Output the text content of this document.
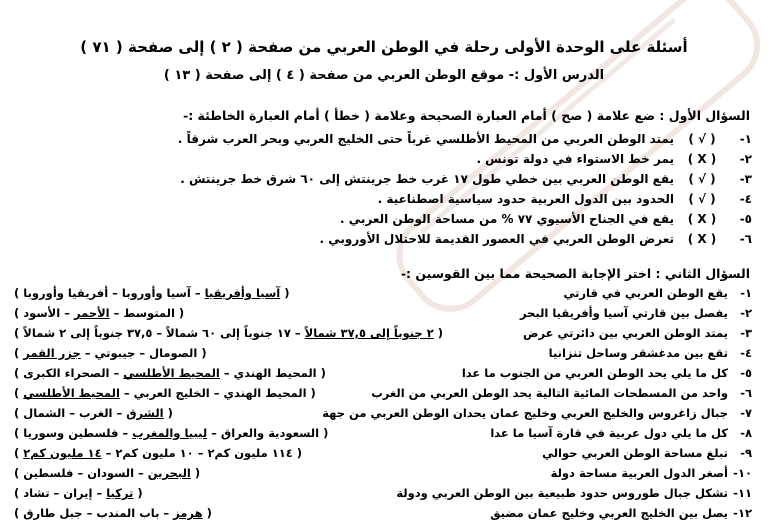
أسئلة على الوحدة الأولى رحلة في الوطن العربي من صفحة ( ٢ ) إلى صفحة ( ٧١ )
الدرس الأول :- موقع الوطن العربي من صفحة ( ٤ ) إلى صفحة ( ١٣ )
السؤال الأول : ضع علامة ( صح ) أمام العبارة الصحيحة وعلامة ( خطأ ) أمام العبارة الخاطئة :-
١-
( √ )
يمتد الوطن العربي من المحيط الأطلسي غرباً حتى الخليج العربي وبحر العرب شرقاً .
٢-
( X )
يمر خط الاستواء في دولة تونس .
٣-
( √ )
يقع الوطن العربي بين خطي طول ١٧ غرب خط جرينتش إلى ٦٠ شرق خط جرينتش .
٤-
( √ )
الحدود بين الدول العربية حدود سياسية اصطناعية .
٥-
( X )
يقع في الجناح الأسيوي ٧٧ % من مساحة الوطن العربي .
٦-
( X )
تعرض الوطن العربي في العصور القديمة للاحتلال الأوروبي .
السؤال الثاني : اختر الإجابة الصحيحة مما بين القوسين :-
١-
يقع الوطن العربي في قارتي
( آسيا وأفريقيا – آسيا وأوروبا – أفريقيا وأوروبا )
٢-
يفصل بين قارتي آسيا وأفريقيا البحر
( المتوسط – الأحمر – الأسود )
٣-
يمتد الوطن العربي بين دائرتي عرض
( ٢ جنوباً إلى ٣٧,٥ شمالاً – ١٧ جنوباً إلى ٦٠ شمالاً – ٣٧,٥ جنوباً إلى ٢ شمالاً )
٤-
تقع بين مدغشقر وساحل تنزانيا
( الصومال – جيبوتي – جزر القمر )
٥-
كل ما يلي يحد الوطن العربي من الجنوب ما عدا
( المحيط الهندي – المحيط الأطلسي – الصحراء الكبرى )
٦-
واحد من المسطحات المائية التالية يحد الوطن العربي من الغرب
( المحيط الهندي – الخليج العربي – المحيط الأطلسي )
٧-
جبال زاغروس والخليج العربي وخليج عمان يحدان الوطن العربي من جهة
( الشرق – الغرب – الشمال )
٨-
كل ما يلي دول عربية في قارة آسيا ما عدا
( السعودية والعراق – ليبيا والمغرب – فلسطين وسوريا )
٩-
تبلغ مساحة الوطن العربي حوالي
( ١١٤ مليون كم٢ – ١٠ مليون كم٢ – ١٤ مليون كم٢ )
١٠-
أصغر الدول العربية مساحة دولة
( البحرين – السودان – فلسطين )
١١-
تشكل جبال طوروس حدود طبيعية بين الوطن العربي ودولة
( تركيا – إيران – تشاد )
١٢-
يصل بين الخليج العربي وخليج عمان مضيق
( هرمز – باب المندب – جبل طارق )
